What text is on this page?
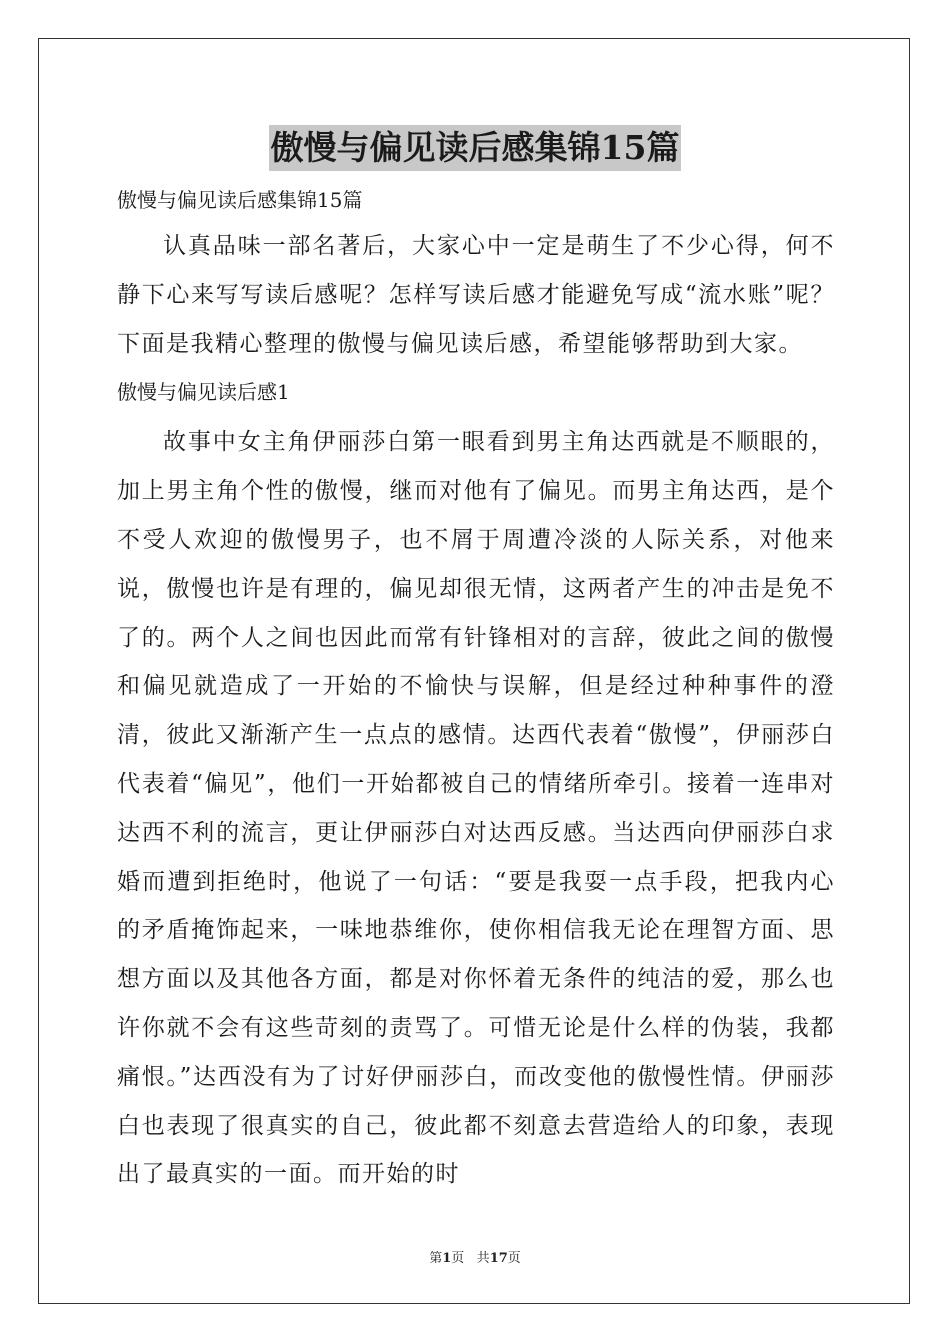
傲慢与偏见读后感集锦15篇

傲慢与偏见读后感集锦15篇

认真品味一部名著后，大家心中一定是萌生了不少心得，何不静下心来写写读后感呢？怎样写读后感才能避免写成“流水账”呢？下面是我精心整理的傲慢与偏见读后感，希望能够帮助到大家。

傲慢与偏见读后感1

故事中女主角伊丽莎白第一眼看到男主角达西就是不顺眼的，加上男主角个性的傲慢，继而对他有了偏见。而男主角达西，是个不受人欢迎的傲慢男子，也不屑于周遭冷淡的人际关系，对他来说，傲慢也许是有理的，偏见却很无情，这两者产生的冲击是免不了的。两个人之间也因此而常有针锋相对的言辞，彼此之间的傲慢和偏见就造成了一开始的不愉快与误解，但是经过种种事件的澄清，彼此又渐渐产生一点点的感情。达西代表着“傲慢”，伊丽莎白代表着“偏见”，他们一开始都被自己的情绪所牵引。接着一连串对达西不利的流言，更让伊丽莎白对达西反感。当达西向伊丽莎白求婚而遭到拒绝时，他说了一句话：“要是我耍一点手段，把我内心的矛盾掩饰起来，一味地恭维你，使你相信我无论在理智方面、思想方面以及其他各方面，都是对你怀着无条件的纯洁的爱，那么也许你就不会有这些苛刻的责骂了。可惜无论是什么样的伪装，我都痛恨。”达西没有为了讨好伊丽莎白，而改变他的傲慢性情。伊丽莎白也表现了很真实的自己，彼此都不刻意去营造给人的印象，表现出了最真实的一面。而开始的时

第1页 共17页
